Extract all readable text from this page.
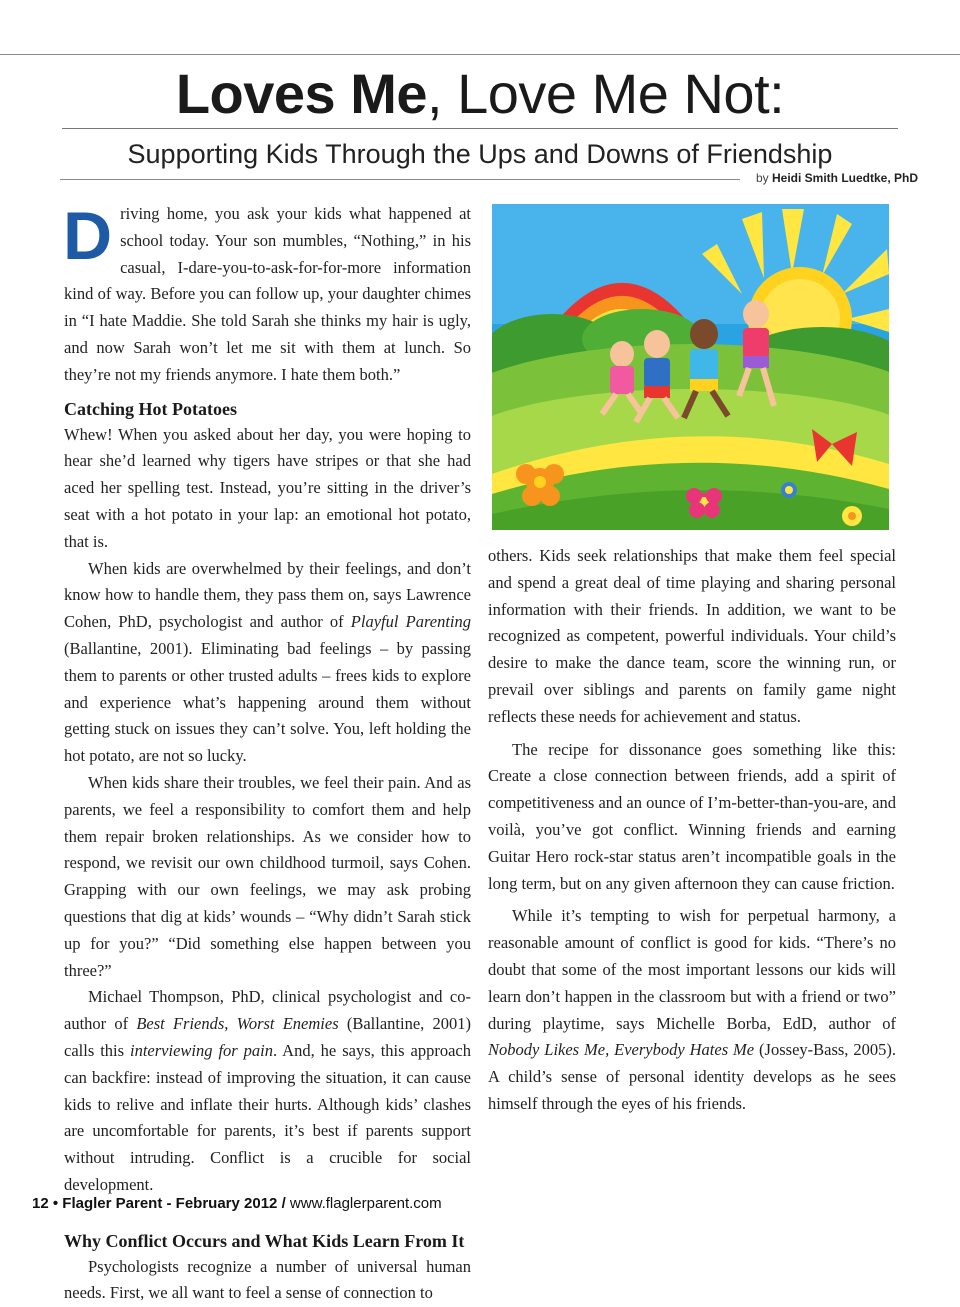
Loves Me, Love Me Not:
Supporting Kids Through the Ups and Downs of Friendship
by Heidi Smith Luedtke, PhD

Driving home, you ask your kids what happened at school today. Your son mumbles, “Nothing,” in his casual, I-dare-you-to-ask-for-for-more information kind of way. Before you can follow up, your daughter chimes in “I hate Maddie. She told Sarah she thinks my hair is ugly, and now Sarah won’t let me sit with them at lunch. So they’re not my friends anymore. I hate them both.”

Catching Hot Potatoes

Whew! When you asked about her day, you were hoping to hear she’d learned why tigers have stripes or that she had aced her spelling test. Instead, you’re sitting in the driver’s seat with a hot potato in your lap: an emotional hot potato, that is.

When kids are overwhelmed by their feelings, and don’t know how to handle them, they pass them on, says Lawrence Cohen, PhD, psychologist and author of Playful Parenting (Ballantine, 2001). Eliminating bad feelings – by passing them to parents or other trusted adults – frees kids to explore and experience what’s happening around them without getting stuck on issues they can’t solve. You, left holding the hot potato, are not so lucky.

When kids share their troubles, we feel their pain. And as parents, we feel a responsibility to comfort them and help them repair broken relationships. As we consider how to respond, we revisit our own childhood turmoil, says Cohen. Grapping with our own feelings, we may ask probing questions that dig at kids’ wounds – “Why didn’t Sarah stick up for you?” “Did something else happen between you three?”

Michael Thompson, PhD, clinical psychologist and co-author of Best Friends, Worst Enemies (Ballantine, 2001) calls this interviewing for pain. And, he says, this approach can backfire: instead of improving the situation, it can cause kids to relive and inflate their hurts. Although kids’ clashes are uncomfortable for parents, it’s best if parents support without intruding. Conflict is a crucible for social development.

Why Conflict Occurs and What Kids Learn From It

Psychologists recognize a number of universal human needs. First, we all want to feel a sense of connection to

others. Kids seek relationships that make them feel special and spend a great deal of time playing and sharing personal information with their friends. In addition, we want to be recognized as competent, powerful individuals. Your child’s desire to make the dance team, score the winning run, or prevail over siblings and parents on family game night reflects these needs for achievement and status.

The recipe for dissonance goes something like this: Create a close connection between friends, add a spirit of competitiveness and an ounce of I’m-better-than-you-are, and voilà, you’ve got conflict. Winning friends and earning Guitar Hero rock-star status aren’t incompatible goals in the long term, but on any given afternoon they can cause friction.

While it’s tempting to wish for perpetual harmony, a reasonable amount of conflict is good for kids. “There’s no doubt that some of the most important lessons our kids will learn don’t happen in the classroom but with a friend or two” during playtime, says Michelle Borba, EdD, author of Nobody Likes Me, Everybody Hates Me (Jossey-Bass, 2005). A child’s sense of personal identity develops as he sees himself through the eyes of his friends.

12 • Flagler Parent - February 2012 / www.flaglerparent.com
